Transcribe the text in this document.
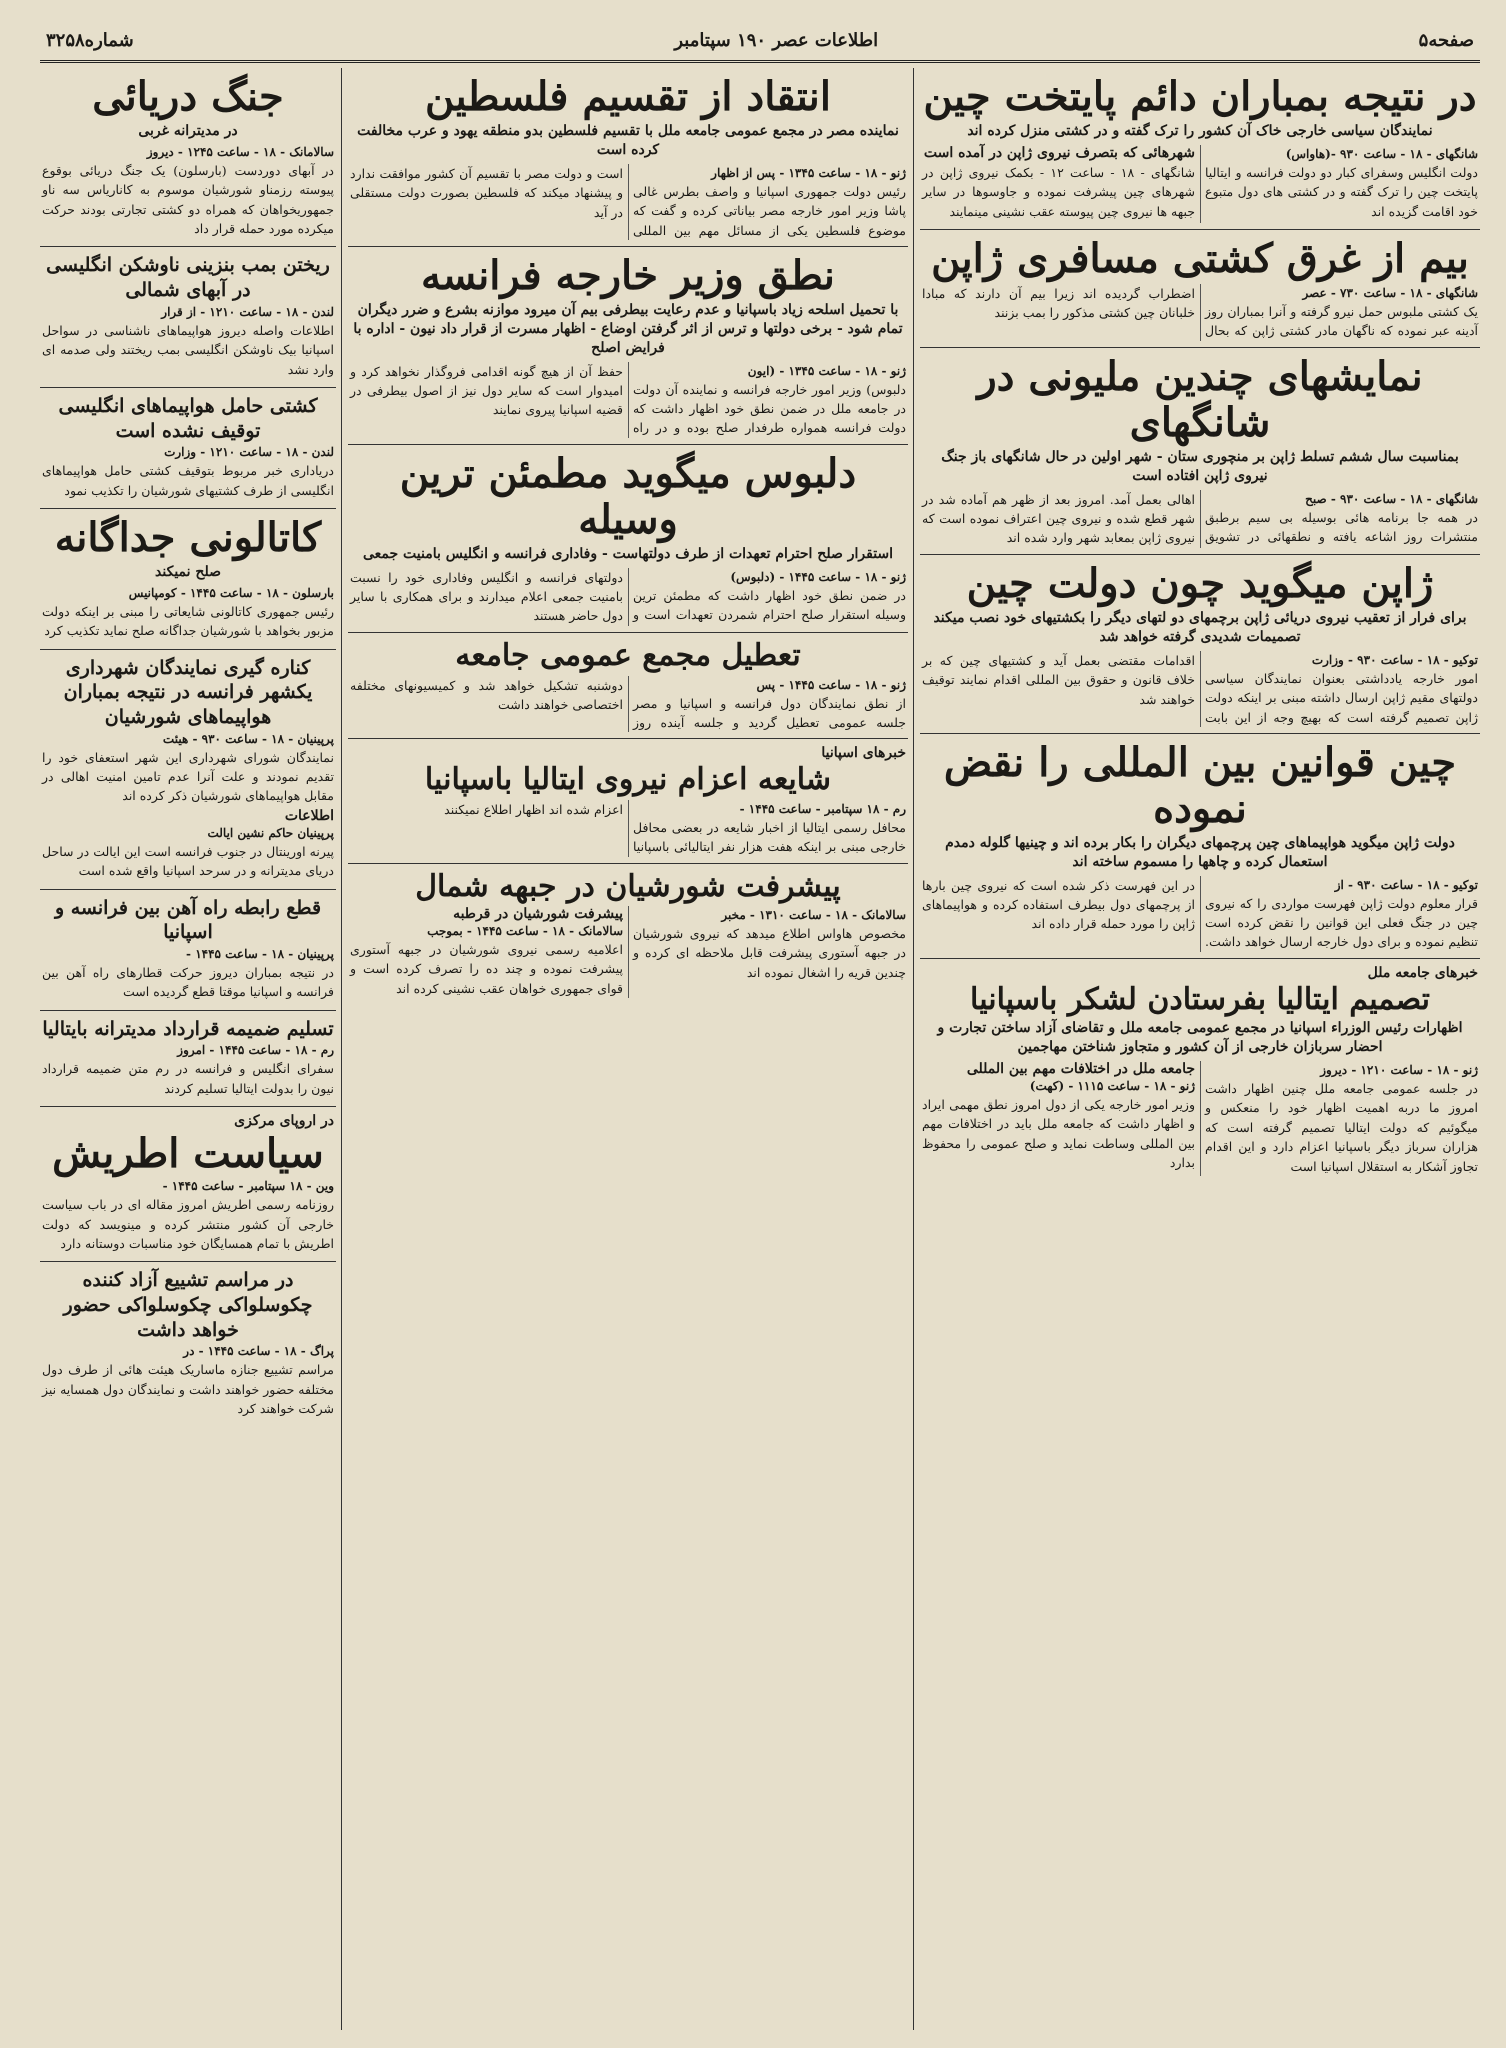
صفحه۵
اطلاعات عصر ۱۹۰ سپتامبر
شماره۳۲۵۸
در نتیجه بمباران دائم پایتخت چین
نمایندگان سیاسی خارجی خاک آن کشور را ترک گفته و در کشتی منزل کرده اند
شانگهای - ۱۸ - ساعت ۹۳۰ -(هاواس)
دولت انگلیس وسفرای کبار دو دولت فرانسه و ایتالیا پایتخت چین را ترک گفته و در کشتی های دول متبوع خود اقامت گزیده اند
شهرهائی که بتصرف نیروی ژاپن در آمده است
شانگهای - ۱۸ - ساعت ۱۲ - بکمک نیروی ژاپن در شهرهای چین پیشرفت نموده و جاوسوها در سایر جبهه ها نیروی چین پیوسته عقب نشینی مینمایند
بیم از غرق کشتی مسافری ژاپن
شانگهای - ۱۸ - ساعت ۷۳۰ - عصر
یک کشتی ملبوس حمل نیرو گرفته و آنرا بمباران روز آدینه عبر نموده که ناگهان مادر کشتی ژاپن که بحال اضطراب گردیده اند زیرا بیم آن دارند که مبادا خلبانان چین کشتی مذکور را بمب بزنند
نمایشهای چندین ملیونی در شانگهای
بمناسبت سال ششم تسلط ژاپن بر منچوری ستان - شهر اولین در حال شانگهای باز جنگ نیروی ژاپن افتاده است
شانگهای - ۱۸ - ساعت ۹۳۰ - صبح
در همه جا برنامه هائی بوسیله بی سیم برطبق منتشرات روز اشاعه یافته و نطقهائی در تشویق اهالی بعمل آمد. امروز بعد از ظهر هم آماده شد در شهر قطع شده و نیروی چین اعتراف نموده است که نیروی ژاپن بمعابد شهر وارد شده اند
ژاپن میگوید چون دولت چین
برای فرار از تعقیب نیروی دریائی ژاپن برچمهای دو لتهای دیگر را بکشتیهای خود نصب میکند تصمیمات شدیدی گرفته خواهد شد
توکیو - ۱۸ - ساعت ۹۳۰ - وزارت
امور خارجه یادداشتی بعنوان نمایندگان سیاسی دولتهای مقیم ژاپن ارسال داشته مبنی بر اینکه دولت ژاپن تصمیم گرفته است که بهیچ وجه از این بابت اقدامات مقتضی بعمل آید و کشتیهای چین که بر خلاف قانون و حقوق بین المللی اقدام نمایند توقیف خواهند شد
چین قوانین بین المللی را نقض نموده
دولت ژاپن میگوید هواپیماهای چین پرچمهای دیگران را بکار برده اند و چینیها گلوله دمدم استعمال کرده و چاهها را مسموم ساخته اند
توکیو - ۱۸ - ساعت ۹۳۰ - از
قرار معلوم دولت ژاپن فهرست مواردی را که نیروی چین در جنگ فعلی این قوانین را نقض کرده است تنظیم نموده و برای دول خارجه ارسال خواهد داشت. در این فهرست ذکر شده است که نیروی چین بارها از پرچمهای دول بیطرف استفاده کرده و هواپیماهای ژاپن را مورد حمله قرار داده اند
خبرهای جامعه ملل
تصمیم ایتالیا بفرستادن لشکر باسپانیا
اظهارات رئیس الوزراء اسپانیا در مجمع عمومی جامعه ملل و تقاضای آزاد ساختن تجارت و احضار سربازان خارجی از آن کشور و متجاوز شناختن مهاجمین
ژنو - ۱۸ - ساعت ۱۲۱۰ - دیروز
در جلسه عمومی جامعه ملل چنین اظهار داشت امروز ما دربه اهمیت اظهار خود را منعکس و میگوئیم که دولت ایتالیا تصمیم گرفته است که هزاران سرباز دیگر باسپانیا اعزام دارد و این اقدام تجاوز آشکار به استقلال اسپانیا است
جامعه ملل در اختلافات مهم بین المللی
ژنو - ۱۸ - ساعت ۱۱۱۵ - (کهت)
وزیر امور خارجه یکی از دول امروز نطق مهمی ایراد و اظهار داشت که جامعه ملل باید در اختلافات مهم بین المللی وساطت نماید و صلح عمومی را محفوظ بدارد
انتقاد از تقسیم فلسطین
نماینده مصر در مجمع عمومی جامعه ملل با تقسیم فلسطین بدو منطقه یهود و عرب مخالفت کرده است
ژنو - ۱۸ - ساعت ۱۳۴۵ - پس از اظهار
رئیس دولت جمهوری اسپانیا و واصف بطرس غالی پاشا وزیر امور خارجه مصر بیاناتی کرده و گفت که موضوع فلسطین یکی از مسائل مهم بین المللی است و دولت مصر با تقسیم آن کشور موافقت ندارد و پیشنهاد میکند که فلسطین بصورت دولت مستقلی در آید
نطق وزیر خارجه فرانسه
با تحمیل اسلحه زیاد باسپانیا و عدم رعایت بیطرفی بیم آن میرود موازنه بشرع و ضرر دیگران تمام شود - برخی دولتها و ترس از اثر گرفتن اوضاع - اظهار مسرت از قرار داد نیون - اداره با فرایض اصلح
ژنو - ۱۸ - ساعت ۱۳۴۵ - (ایون
دلبوس) وزیر امور خارجه فرانسه و نماینده آن دولت در جامعه ملل در ضمن نطق خود اظهار داشت که دولت فرانسه همواره طرفدار صلح بوده و در راه حفظ آن از هیچ گونه اقدامی فروگذار نخواهد کرد و امیدوار است که سایر دول نیز از اصول بیطرفی در قضیه اسپانیا پیروی نمایند
دلبوس میگوید مطمئن ترین وسیله
استقرار صلح احترام تعهدات از طرف دولتهاست - وفاداری فرانسه و انگلیس بامنیت جمعی
ژنو - ۱۸ - ساعت ۱۴۴۵ - (دلبوس)
در ضمن نطق خود اظهار داشت که مطمئن ترین وسیله استقرار صلح احترام شمردن تعهدات است و دولتهای فرانسه و انگلیس وفاداری خود را نسبت بامنیت جمعی اعلام میدارند و برای همکاری با سایر دول حاضر هستند
تعطیل مجمع عمومی جامعه
ژنو - ۱۸ - ساعت ۱۴۴۵ - پس
از نطق نمایندگان دول فرانسه و اسپانیا و مصر جلسه عمومی تعطیل گردید و جلسه آینده روز دوشنبه تشکیل خواهد شد و کمیسیونهای مختلفه اختصاصی خواهند داشت
خبرهای اسپانیا
شایعه اعزام نیروی ایتالیا باسپانیا
رم - ۱۸ سپتامبر - ساعت ۱۴۴۵ -
محافل رسمی ایتالیا از اخبار شایعه در بعضی محافل خارجی مبنی بر اینکه هفت هزار نفر ایتالیائی باسپانیا اعزام شده اند اظهار اطلاع نمیکنند
پیشرفت شورشیان در جبهه شمال
سالامانک - ۱۸ - ساعت ۱۳۱۰ - مخبر
مخصوص هاواس اطلاع میدهد که نیروی شورشیان در جبهه آستوری پیشرفت قابل ملاحظه ای کرده و چندین قریه را اشغال نموده اند
پیشرفت شورشیان در قرطبه
سالامانک - ۱۸ - ساعت ۱۴۴۵ - بموجب
اعلامیه رسمی نیروی شورشیان در جبهه آستوری پیشرفت نموده و چند ده را تصرف کرده است و قوای جمهوری خواهان عقب نشینی کرده اند
جنگ دریائی
در مدیترانه غربی
سالامانک - ۱۸ - ساعت ۱۲۴۵ - دیروز
در آبهای دوردست (بارسلون) یک جنگ دریائی بوقوع پیوسته رزمناو شورشیان موسوم به کاناریاس سه ناو جمهوریخواهان که همراه دو کشتی تجارتی بودند حرکت میکرده مورد حمله قرار داد
ریختن بمب بنزینی ناوشکن انگلیسی در آبهای شمالی
لندن - ۱۸ - ساعت ۱۲۱۰ - از قرار
اطلاعات واصله دیروز هواپیماهای ناشناسی در سواحل اسپانیا بیک ناوشکن انگلیسی بمب ریختند ولی صدمه ای وارد نشد
کشتی حامل هواپیماهای انگلیسی توقیف نشده است
لندن - ۱۸ - ساعت ۱۲۱۰ - وزارت
دریاداری خبر مربوط بتوقیف کشتی حامل هواپیماهای انگلیسی از طرف کشتیهای شورشیان را تکذیب نمود
کاتالونی جداگانه
صلح نمیکند
بارسلون - ۱۸ - ساعت ۱۴۴۵ - کومپانیس
رئیس جمهوری کاتالونی شایعاتی را مبنی بر اینکه دولت مزبور بخواهد با شورشیان جداگانه صلح نماید تکذیب کرد
کناره گیری نمایندگان شهرداری یکشهر فرانسه در نتیجه بمباران هواپیماهای شورشیان
پرپینیان - ۱۸ - ساعت ۹۳۰ - هیئت
نمایندگان شورای شهرداری این شهر استعفای خود را تقدیم نمودند و علت آنرا عدم تامین امنیت اهالی در مقابل هواپیماهای شورشیان ذکر کرده اند
اطلاعات
پرپینیان حاکم نشین ایالت
پیرنه اورینتال در جنوب فرانسه است این ایالت در ساحل دریای مدیترانه و در سرحد اسپانیا واقع شده است
قطع رابطه راه آهن بین فرانسه و اسپانیا
پرپینیان - ۱۸ - ساعت ۱۴۴۵ -
در نتیجه بمباران دیروز حرکت قطارهای راه آهن بین فرانسه و اسپانیا موقتا قطع گردیده است
تسلیم ضمیمه قرارداد مدیترانه بایتالیا
رم - ۱۸ - ساعت ۱۴۴۵ - امروز
سفرای انگلیس و فرانسه در رم متن ضمیمه قرارداد نیون را بدولت ایتالیا تسلیم کردند
در اروپای مرکزی
سیاست اطریش
وین - ۱۸ سپتامبر - ساعت ۱۴۴۵ -
روزنامه رسمی اطریش امروز مقاله ای در باب سیاست خارجی آن کشور منتشر کرده و مینویسد که دولت اطریش با تمام همسایگان خود مناسبات دوستانه دارد
در مراسم تشییع آزاد کننده چکوسلواکی چکوسلواکی حضور خواهد داشت
پراگ - ۱۸ - ساعت ۱۴۴۵ - در
مراسم تشییع جنازه ماساریک هیئت هائی از طرف دول مختلفه حضور خواهند داشت و نمایندگان دول همسایه نیز شرکت خواهند کرد
